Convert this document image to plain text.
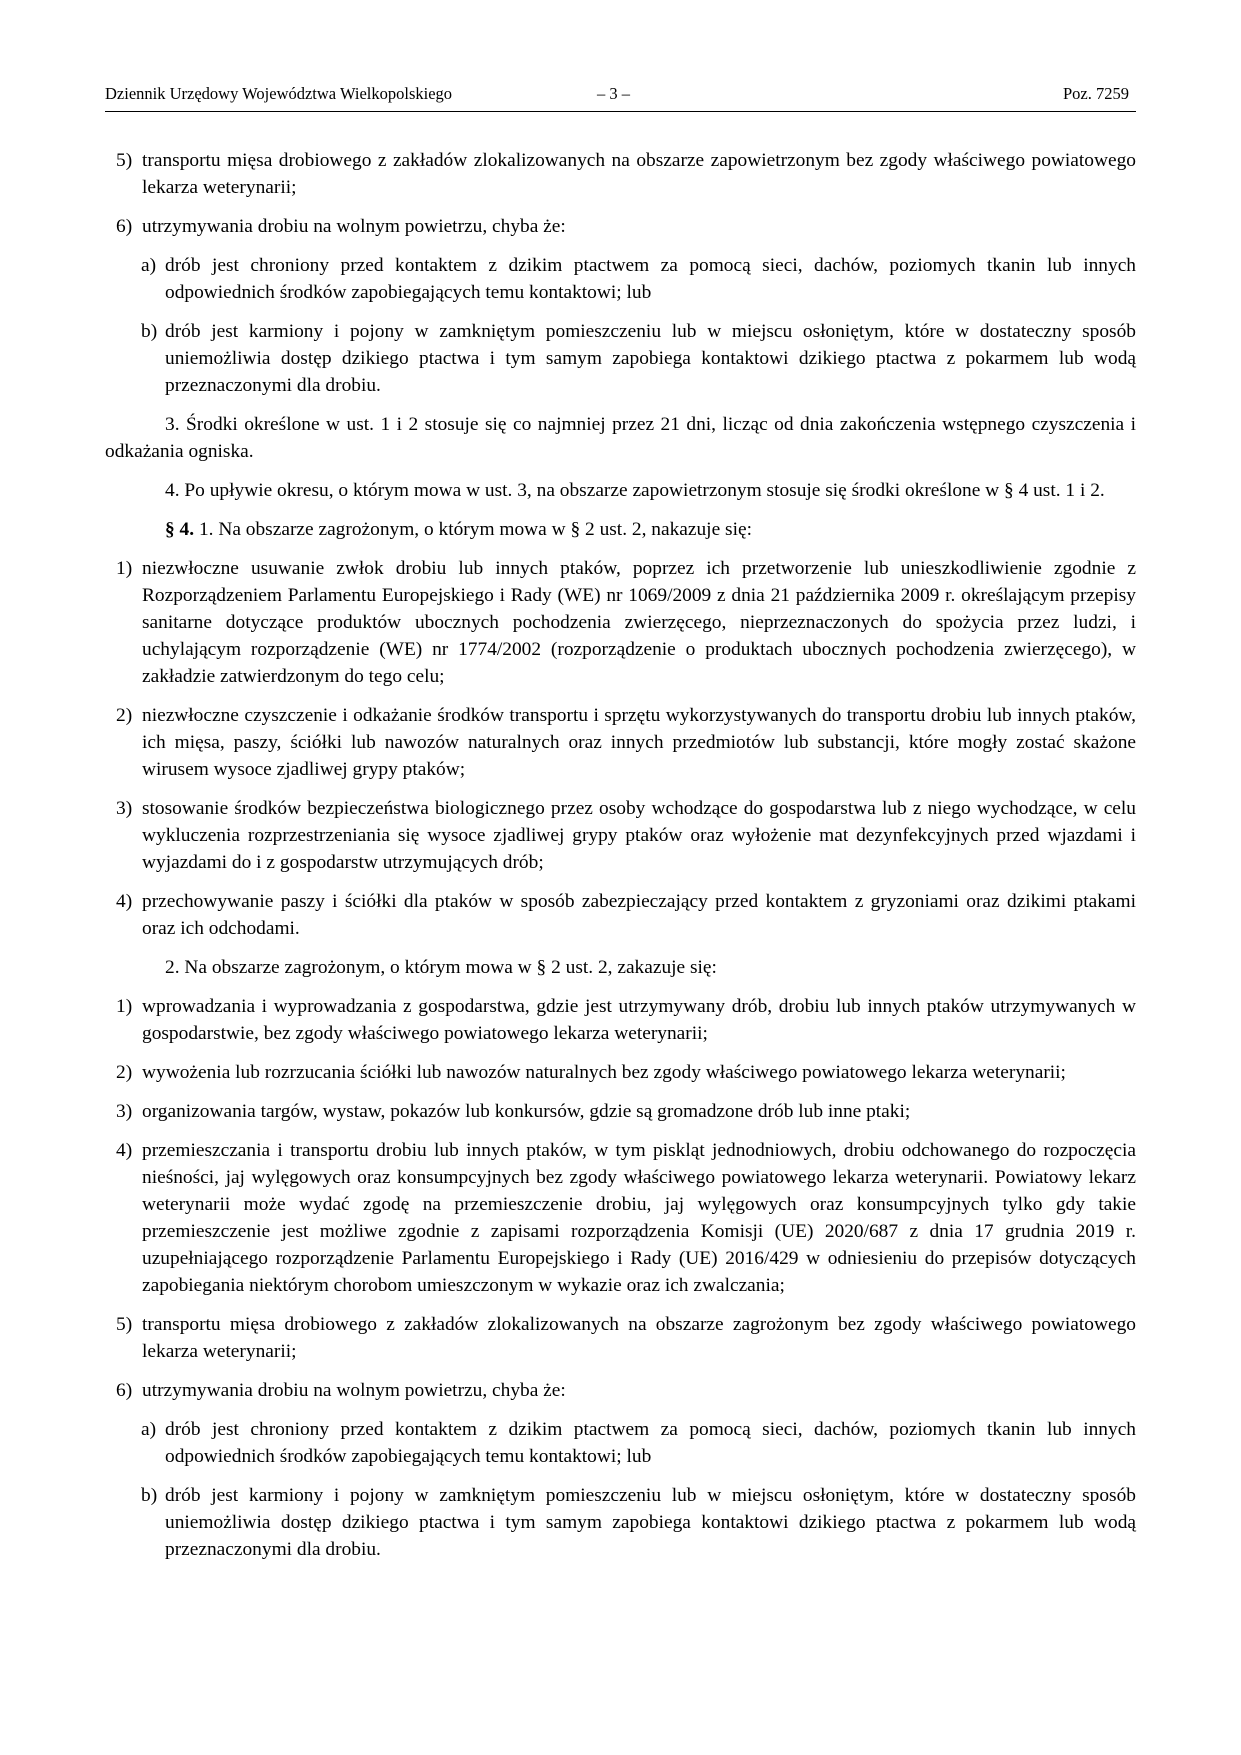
Dziennik Urzędowy Województwa Wielkopolskiego	– 3 –	Poz. 7259
5) transportu mięsa drobiowego z zakładów zlokalizowanych na obszarze zapowietrzonym bez zgody właściwego powiatowego lekarza weterynarii;
6) utrzymywania drobiu na wolnym powietrzu, chyba że:
a) drób jest chroniony przed kontaktem z dzikim ptactwem za pomocą sieci, dachów, poziomych tkanin lub innych odpowiednich środków zapobiegających temu kontaktowi; lub
b) drób jest karmiony i pojony w zamkniętym pomieszczeniu lub w miejscu osłoniętym, które w dostateczny sposób uniemożliwia dostęp dzikiego ptactwa i tym samym zapobiega kontaktowi dzikiego ptactwa z pokarmem lub wodą przeznaczonymi dla drobiu.

3. Środki określone w ust. 1 i 2 stosuje się co najmniej przez 21 dni, licząc od dnia zakończenia wstępnego czyszczenia i odkażania ogniska.

4. Po upływie okresu, o którym mowa w ust. 3, na obszarze zapowietrzonym stosuje się środki określone w § 4 ust. 1 i 2.

§ 4. 1. Na obszarze zagrożonym, o którym mowa w § 2 ust. 2, nakazuje się:

1) niezwłoczne usuwanie zwłok drobiu lub innych ptaków, poprzez ich przetworzenie lub unieszkodliwienie zgodnie z Rozporządzeniem Parlamentu Europejskiego i Rady (WE) nr 1069/2009 z dnia 21 października 2009 r. określającym przepisy sanitarne dotyczące produktów ubocznych pochodzenia zwierzęcego, nieprzeznaczonych do spożycia przez ludzi, i uchylającym rozporządzenie (WE) nr 1774/2002 (rozporządzenie o produktach ubocznych pochodzenia zwierzęcego), w zakładzie zatwierdzonym do tego celu;
2) niezwłoczne czyszczenie i odkażanie środków transportu i sprzętu wykorzystywanych do transportu drobiu lub innych ptaków, ich mięsa, paszy, ściółki lub nawozów naturalnych oraz innych przedmiotów lub substancji, które mogły zostać skażone wirusem wysoce zjadliwej grypy ptaków;
3) stosowanie środków bezpieczeństwa biologicznego przez osoby wchodzące do gospodarstwa lub z niego wychodzące, w celu wykluczenia rozprzestrzeniania się wysoce zjadliwej grypy ptaków oraz wyłożenie mat dezynfekcyjnych przed wjazdami i wyjazdami do i z gospodarstw utrzymujących drób;
4) przechowywanie paszy i ściółki dla ptaków w sposób zabezpieczający przed kontaktem z gryzoniami oraz dzikimi ptakami oraz ich odchodami.

2. Na obszarze zagrożonym, o którym mowa w § 2 ust. 2, zakazuje się:

1) wprowadzania i wyprowadzania z gospodarstwa, gdzie jest utrzymywany drób, drobiu lub innych ptaków utrzymywanych w gospodarstwie, bez zgody właściwego powiatowego lekarza weterynarii;
2) wywożenia lub rozrzucania ściółki lub nawozów naturalnych bez zgody właściwego powiatowego lekarza weterynarii;
3) organizowania targów, wystaw, pokazów lub konkursów, gdzie są gromadzone drób lub inne ptaki;
4) przemieszczania i transportu drobiu lub innych ptaków, w tym piskląt jednodniowych, drobiu odchowanego do rozpoczęcia nieśności, jaj wylęgowych oraz konsumpcyjnych bez zgody właściwego powiatowego lekarza weterynarii. Powiatowy lekarz weterynarii może wydać zgodę na przemieszczenie drobiu, jaj wylęgowych oraz konsumpcyjnych tylko gdy takie przemieszczenie jest możliwe zgodnie z zapisami rozporządzenia Komisji (UE) 2020/687 z dnia 17 grudnia 2019 r. uzupełniającego rozporządzenie Parlamentu Europejskiego i Rady (UE) 2016/429 w odniesieniu do przepisów dotyczących zapobiegania niektórym chorobom umieszczonym w wykazie oraz ich zwalczania;
5) transportu mięsa drobiowego z zakładów zlokalizowanych na obszarze zagrożonym bez zgody właściwego powiatowego lekarza weterynarii;
6) utrzymywania drobiu na wolnym powietrzu, chyba że:
a) drób jest chroniony przed kontaktem z dzikim ptactwem za pomocą sieci, dachów, poziomych tkanin lub innych odpowiednich środków zapobiegających temu kontaktowi; lub
b) drób jest karmiony i pojony w zamkniętym pomieszczeniu lub w miejscu osłoniętym, które w dostateczny sposób uniemożliwia dostęp dzikiego ptactwa i tym samym zapobiega kontaktowi dzikiego ptactwa z pokarmem lub wodą przeznaczonymi dla drobiu.
